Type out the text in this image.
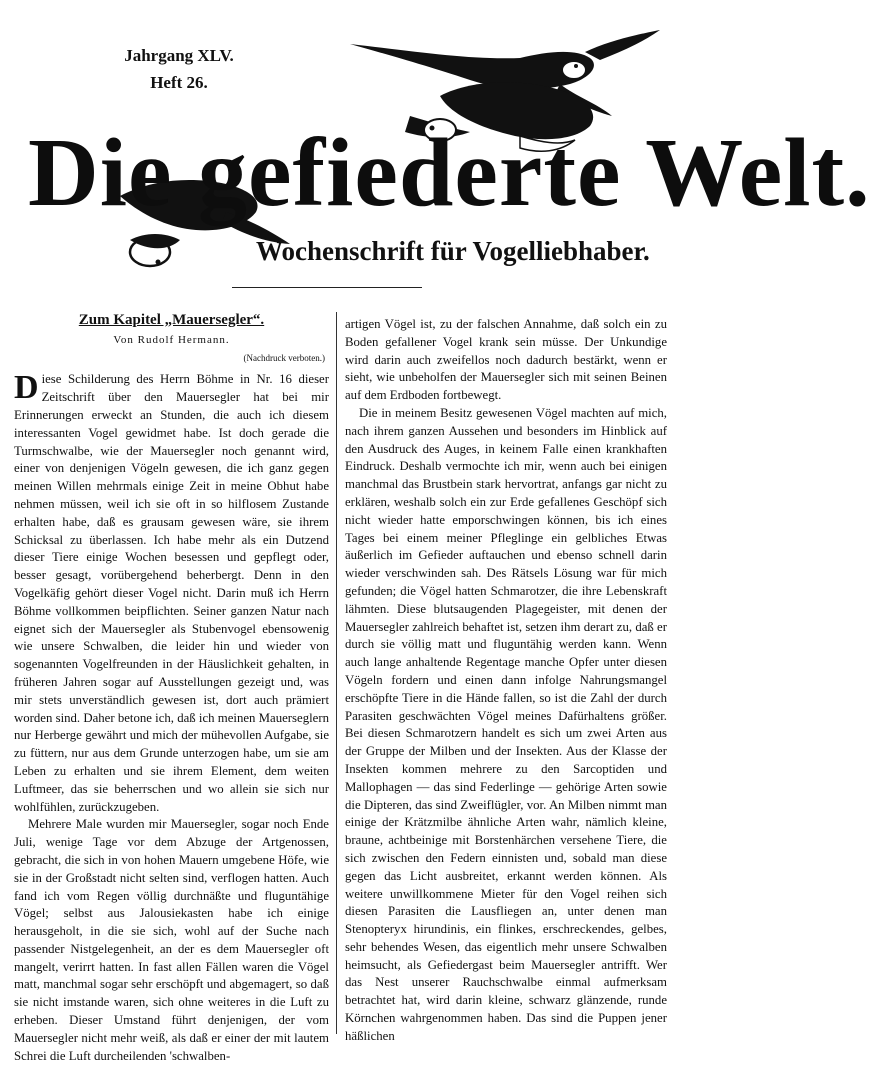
Jahrgang XLV.
Heft 26.
Die gefiederte Welt.
Wochenschrift für Vogelliebhaber.
Zum Kapitel „Mauersegler“.
Von Rudolf Hermann.
(Nachdruck verboten.)

Diese Schilderung des Herrn Böhme in Nr. 16 dieser Zeitschrift über den Mauersegler hat bei mir Erinnerungen erweckt an Stunden, die auch ich diesem interessanten Vogel gewidmet habe. Ist doch gerade die Turmschwalbe, wie der Mauersegler noch genannt wird, einer von denjenigen Vögeln gewesen, die ich ganz gegen meinen Willen mehrmals einige Zeit in meine Obhut habe nehmen müssen, weil ich sie oft in so hilflosem Zustande erhalten habe, daß es grausam gewesen wäre, sie ihrem Schicksal zu überlassen. Ich habe mehr als ein Dutzend dieser Tiere einige Wochen besessen und gepflegt oder, besser gesagt, vorübergehend beherbergt. Denn in den Vogelkäfig gehört dieser Vogel nicht. Darin muß ich Herrn Böhme vollkommen beipflichten. Seiner ganzen Natur nach eignet sich der Mauersegler als Stubenvogel ebensowenig wie unsere Schwalben, die leider hin und wieder von sogenannten Vogelfreunden in der Häuslichkeit gehalten, in früheren Jahren sogar auf Ausstellungen gezeigt und, was mir stets unverständlich gewesen ist, dort auch prämiert worden sind. Daher betone ich, daß ich meinen Mauerseglern nur Herberge gewährt und mich der mühevollen Aufgabe, sie zu füttern, nur aus dem Grunde unterzogen habe, um sie am Leben zu erhalten und sie ihrem Element, dem weiten Luftmeer, das sie beherrschen und wo allein sie sich nur wohlfühlen, zurückzugeben.

Mehrere Male wurden mir Mauersegler, sogar noch Ende Juli, wenige Tage vor dem Abzuge der Artgenossen, gebracht, die sich in von hohen Mauern umgebene Höfe, wie sie in der Großstadt nicht selten sind, verflogen hatten. Auch fand ich vom Regen völlig durchnäßte und fluguntähige Vögel; selbst aus Jalousiekasten habe ich einige herausgeholt, in die sie sich, wohl auf der Suche nach passender Nistgelegenheit, an der es dem Mauersegler oft mangelt, verirrt hatten. In fast allen Fällen waren die Vögel matt, manchmal sogar sehr erschöpft und abgemagert, so daß sie nicht imstande waren, sich ohne weiteres in die Luft zu erheben. Dieser Umstand führt denjenigen, der vom Mauersegler nicht mehr weiß, als daß er einer der mit lautem Schrei die Luft durcheilenden 'schwalben-

artigen Vögel ist, zu der falschen Annahme, daß solch ein zu Boden gefallener Vogel krank sein müsse. Der Unkundige wird darin auch zweifellos noch dadurch bestärkt, wenn er sieht, wie unbeholfen der Mauersegler sich mit seinen Beinen auf dem Erdboden fortbewegt.

Die in meinem Besitz gewesenen Vögel machten auf mich, nach ihrem ganzen Aussehen und besonders im Hinblick auf den Ausdruck des Auges, in keinem Falle einen krankhaften Eindruck. Deshalb vermochte ich mir, wenn auch bei einigen manchmal das Brustbein stark hervortrat, anfangs gar nicht zu erklären, weshalb solch ein zur Erde gefallenes Geschöpf sich nicht wieder hatte emporschwingen können, bis ich eines Tages bei einem meiner Pfleglinge ein gelbliches Etwas äußerlich im Gefieder auftauchen und ebenso schnell darin wieder verschwinden sah. Des Rätsels Lösung war für mich gefunden; die Vögel hatten Schmarotzer, die ihre Lebenskraft lähmten. Diese blutsaugenden Plagegeister, mit denen der Mauersegler zahlreich behaftet ist, setzen ihm derart zu, daß er durch sie völlig matt und fluguntähig werden kann. Wenn auch lange anhaltende Regentage manche Opfer unter diesen Vögeln fordern und einen dann infolge Nahrungsmangel erschöpfte Tiere in die Hände fallen, so ist die Zahl der durch Parasiten geschwächten Vögel meines Dafürhaltens größer. Bei diesen Schmarotzern handelt es sich um zwei Arten aus der Gruppe der Milben und der Insekten. Aus der Klasse der Insekten kommen mehrere zu den Sarcoptiden und Mallophagen — das sind Federlinge — gehörige Arten sowie die Dipteren, das sind Zweiflügler, vor. An Milben nimmt man einige der Krätzmilbe ähnliche Arten wahr, nämlich kleine, braune, achtbeinige mit Borstenhärchen versehene Tiere, die sich zwischen den Federn einnisten und, sobald man diese gegen das Licht ausbreitet, erkannt werden können. Als weitere unwillkommene Mieter für den Vogel reihen sich diesen Parasiten die Lausfliegen an, unter denen man Stenopteryx hirundinis, ein flinkes, erschreckendes, gelbes, sehr behendes Wesen, das eigentlich mehr unsere Schwalben heimsucht, als Gefiedergast beim Mauersegler antrifft. Wer das Nest unserer Rauchschwalbe einmal aufmerksam betrachtet hat, wird darin kleine, schwarz glänzende, runde Körnchen wahrgenommen haben. Das sind die Puppen jener häßlichen
